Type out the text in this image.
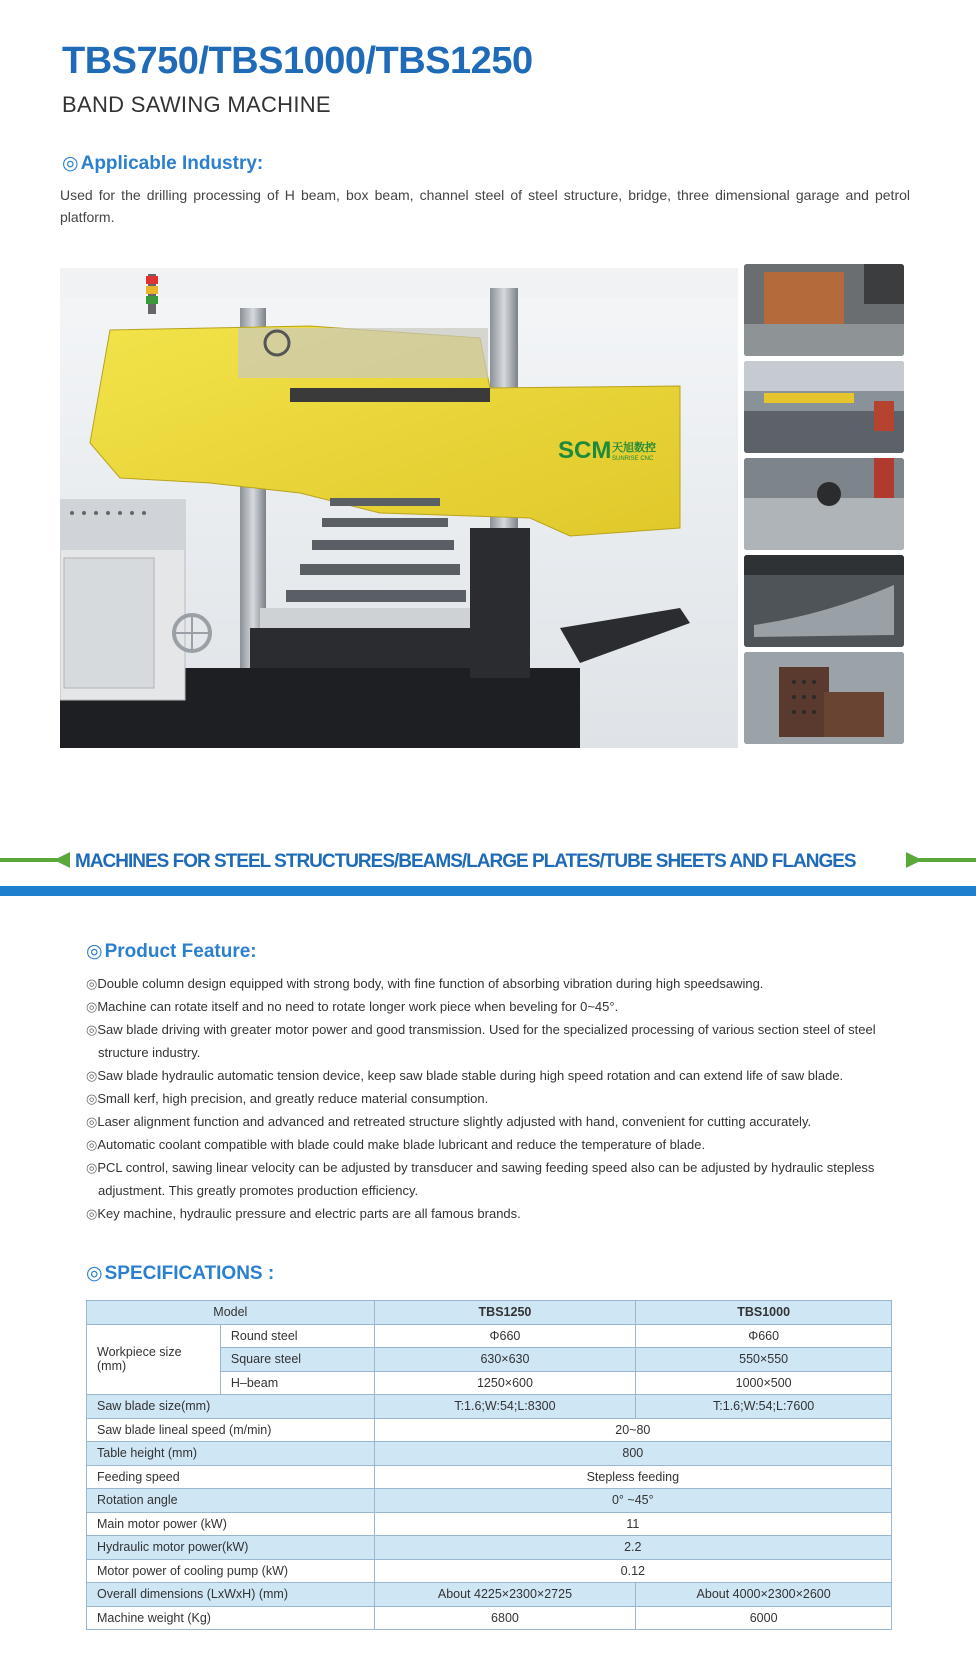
TBS750/TBS1000/TBS1250
BAND SAWING MACHINE
◎ Applicable Industry:
Used for the drilling processing of H beam, box beam, channel steel of steel structure, bridge, three dimensional garage and petrol platform.
SCM 天旭数控
SUNRISE CNC
MACHINES FOR STEEL STRUCTURES/BEAMS/LARGE PLATES/TUBE SHEETS AND FLANGES
◎ Product Feature:
◎Double column design equipped with strong body, with fine function of absorbing vibration during high speedsawing.
◎Machine can rotate itself and no need to rotate longer work piece when beveling for 0~45°.
◎Saw blade driving with greater motor power and good transmission. Used for the specialized processing of various section steel of steel structure industry.
◎Saw blade hydraulic automatic tension device, keep saw blade stable during high speed rotation and can extend life of saw blade.
◎Small kerf, high precision, and greatly reduce material consumption.
◎Laser alignment function and advanced and retreated structure slightly adjusted with hand, convenient for cutting accurately.
◎Automatic coolant compatible with blade could make blade lubricant and reduce the temperature of blade.
◎PCL control, sawing linear velocity can be adjusted by transducer and sawing feeding speed also can be adjusted by hydraulic stepless adjustment. This greatly promotes production efficiency.
◎Key machine, hydraulic pressure and electric parts are all famous brands.
◎ SPECIFICATIONS :
Model		TBS1250	TBS1000
Workpiece size (mm)	Round steel	Φ660	Φ660
	Square steel	630×630	550×550
	H–beam	1250×600	1000×500
Saw blade size(mm)		T:1.6;W:54;L:8300	T:1.6;W:54;L:7600
Saw blade lineal speed (m/min)		20~80	
Table height (mm)		800	
Feeding speed		Stepless feeding	
Rotation angle		0° ~45°	
Main motor power (kW)		11	
Hydraulic motor power(kW)		2.2	
Motor power of cooling pump (kW)		0.12	
Overall dimensions (LxWxH) (mm)		About 4225×2300×2725	About 4000×2300×2600
Machine weight (Kg)		6800	6000
